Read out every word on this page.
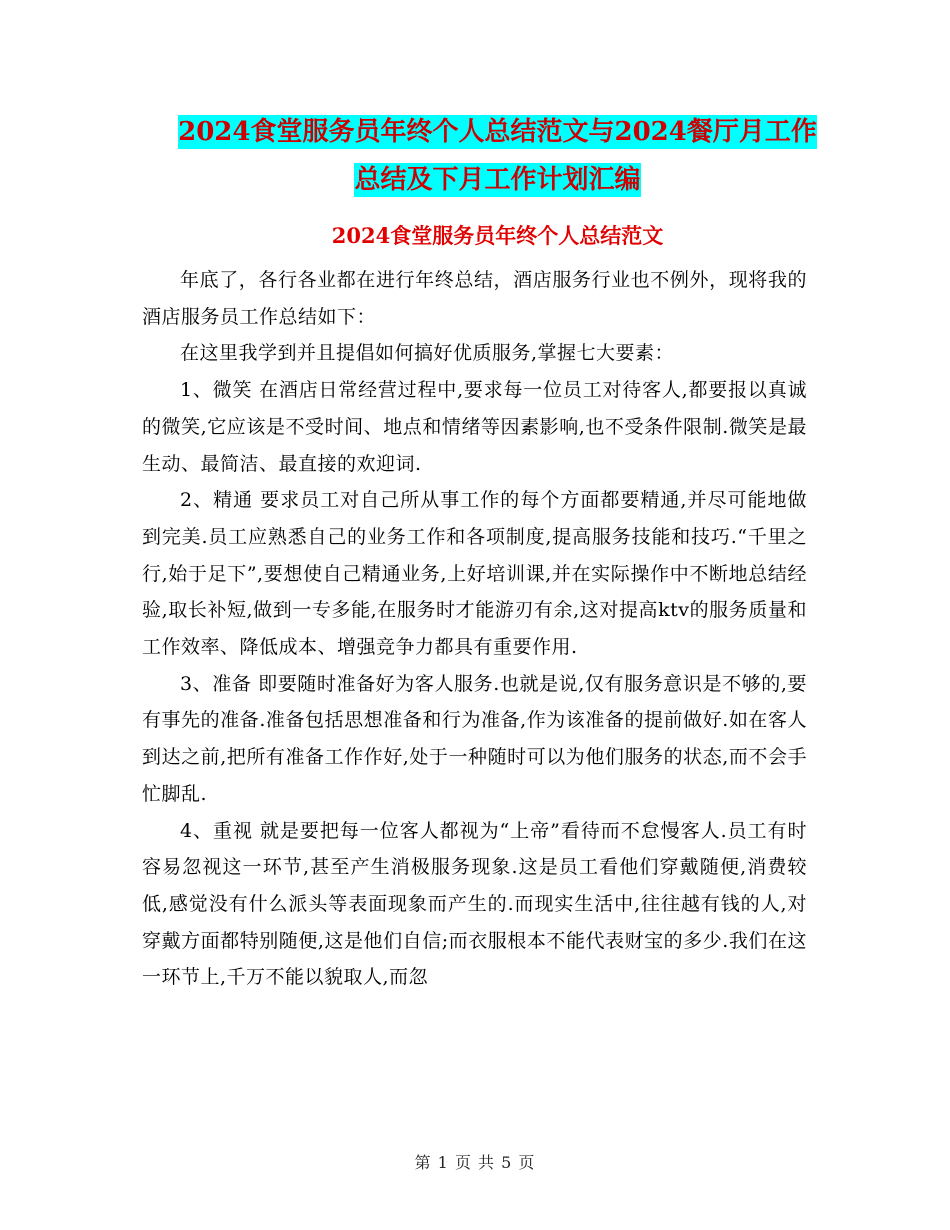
2024食堂服务员年终个人总结范文与2024餐厅月工作
总结及下月工作计划汇编
2024食堂服务员年终个人总结范文

年底了，各行各业都在进行年终总结，酒店服务行业也不例外，现将我的酒店服务员工作总结如下：

在这里我学到并且提倡如何搞好优质服务,掌握七大要素：

1、微笑 在酒店日常经营过程中,要求每一位员工对待客人,都要报以真诚的微笑,它应该是不受时间、地点和情绪等因素影响,也不受条件限制.微笑是最生动、最简洁、最直接的欢迎词.

2、精通 要求员工对自己所从事工作的每个方面都要精通,并尽可能地做到完美.员工应熟悉自己的业务工作和各项制度,提高服务技能和技巧.“千里之行,始于足下”,要想使自己精通业务,上好培训课,并在实际操作中不断地总结经验,取长补短,做到一专多能,在服务时才能游刃有余,这对提高ktv的服务质量和工作效率、降低成本、增强竞争力都具有重要作用.

3、准备 即要随时准备好为客人服务.也就是说,仅有服务意识是不够的,要有事先的准备.准备包括思想准备和行为准备,作为该准备的提前做好.如在客人到达之前,把所有准备工作作好,处于一种随时可以为他们服务的状态,而不会手忙脚乱.

4、重视 就是要把每一位客人都视为“上帝”看待而不怠慢客人.员工有时容易忽视这一环节,甚至产生消极服务现象.这是员工看他们穿戴随便,消费较低,感觉没有什么派头等表面现象而产生的.而现实生活中,往往越有钱的人,对穿戴方面都特别随便,这是他们自信;而衣服根本不能代表财宝的多少.我们在这一环节上,千万不能以貌取人,而忽

第 1 页 共 5 页
